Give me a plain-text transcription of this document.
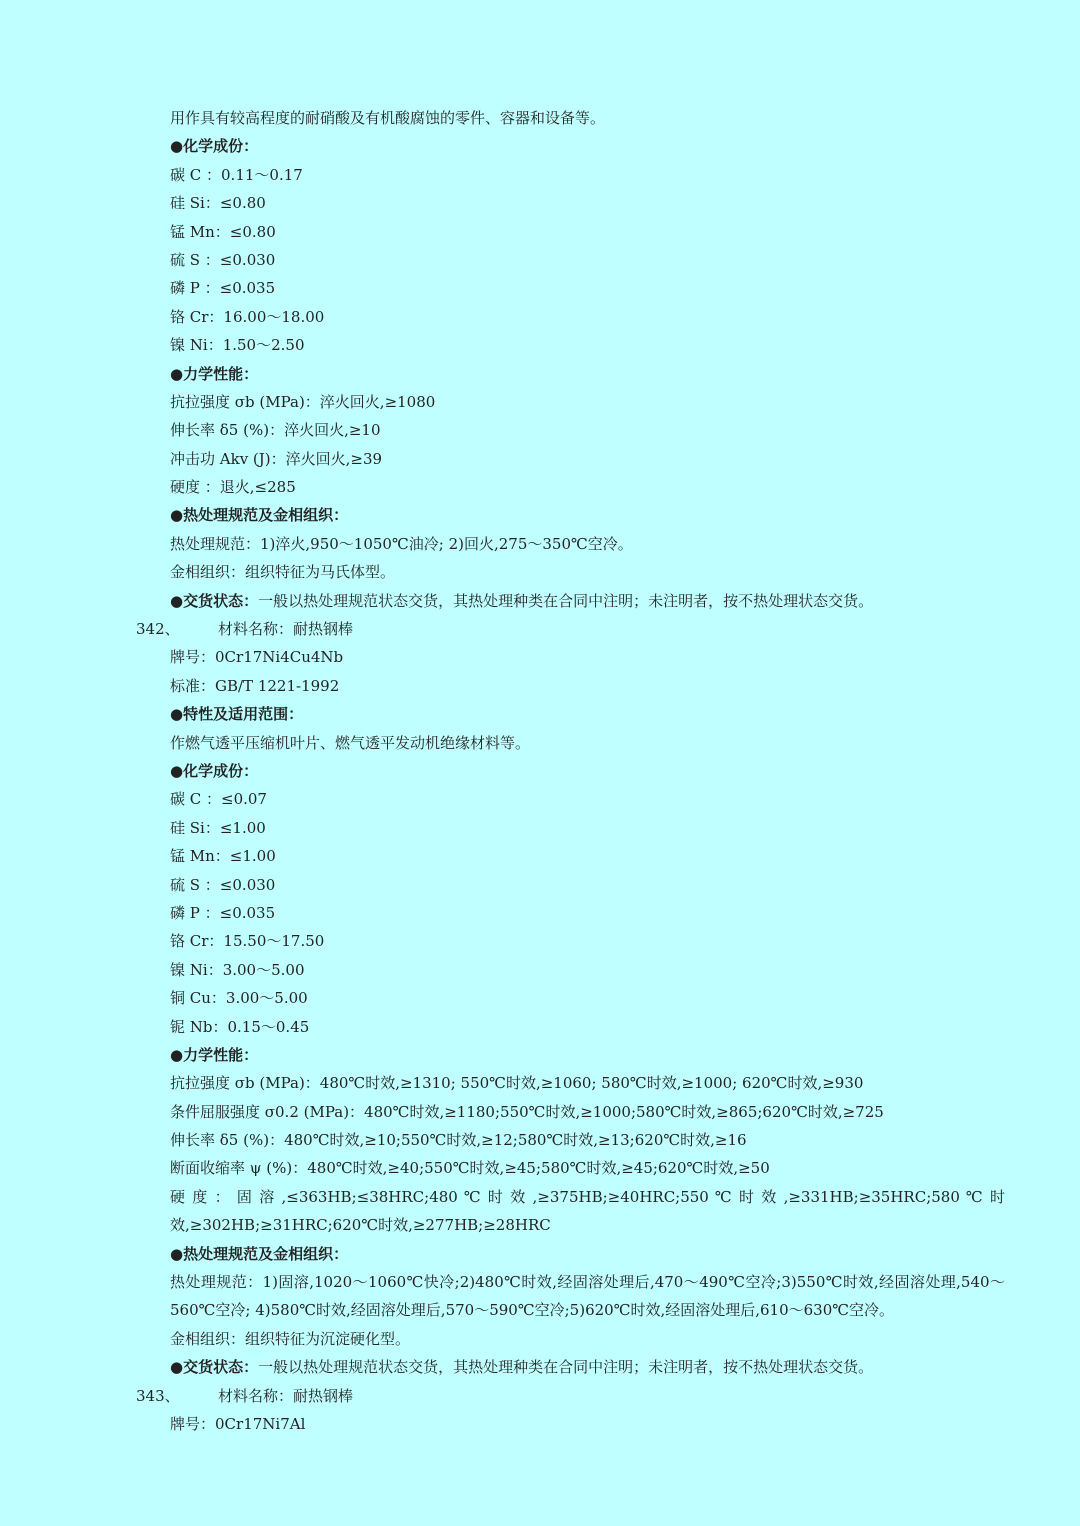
用作具有较高程度的耐硝酸及有机酸腐蚀的零件、容器和设备等。
●化学成份：
碳 C ：0.11～0.17
硅 Si：≤0.80
锰 Mn：≤0.80
硫 S ：≤0.030
磷 P ：≤0.035
铬 Cr：16.00～18.00
镍 Ni：1.50～2.50
●力学性能：
抗拉强度 σb (MPa)：淬火回火,≥1080
伸长率 δ5 (%)：淬火回火,≥10
冲击功 Akv (J)：淬火回火,≥39
硬度 ：退火,≤285
●热处理规范及金相组织：
热处理规范：1)淬火,950～1050℃油冷; 2)回火,275～350℃空冷。
金相组织：组织特征为马氏体型。
●交货状态：一般以热处理规范状态交货，其热处理种类在合同中注明；未注明者，按不热处理状态交货。
342、	材料名称：耐热钢棒
牌号：0Cr17Ni4Cu4Nb
标准：GB/T 1221-1992
●特性及适用范围：
作燃气透平压缩机叶片、燃气透平发动机绝缘材料等。
●化学成份：
碳 C ：≤0.07
硅 Si：≤1.00
锰 Mn：≤1.00
硫 S ：≤0.030
磷 P ：≤0.035
铬 Cr：15.50～17.50
镍 Ni：3.00～5.00
铜 Cu：3.00～5.00
铌 Nb：0.15～0.45
●力学性能：
抗拉强度 σb (MPa)：480℃时效,≥1310; 550℃时效,≥1060; 580℃时效,≥1000; 620℃时效,≥930
条件屈服强度 σ0.2 (MPa)：480℃时效,≥1180;550℃时效,≥1000;580℃时效,≥865;620℃时效,≥725
伸长率 δ5 (%)：480℃时效,≥10;550℃时效,≥12;580℃时效,≥13;620℃时效,≥16
断面收缩率 ψ (%)：480℃时效,≥40;550℃时效,≥45;580℃时效,≥45;620℃时效,≥50
硬 度 ： 固 溶 ,≤363HB;≤38HRC;480 ℃ 时 效 ,≥375HB;≥40HRC;550 ℃ 时 效 ,≥331HB;≥35HRC;580 ℃ 时效,≥302HB;≥31HRC;620℃时效,≥277HB;≥28HRC
●热处理规范及金相组织：
热处理规范：1)固溶,1020～1060℃快冷;2)480℃时效,经固溶处理后,470～490℃空冷;3)550℃时效,经固溶处理,540～560℃空冷; 4)580℃时效,经固溶处理后,570～590℃空冷;5)620℃时效,经固溶处理后,610～630℃空冷。
金相组织：组织特征为沉淀硬化型。
●交货状态：一般以热处理规范状态交货，其热处理种类在合同中注明；未注明者，按不热处理状态交货。
343、	材料名称：耐热钢棒
牌号：0Cr17Ni7Al
